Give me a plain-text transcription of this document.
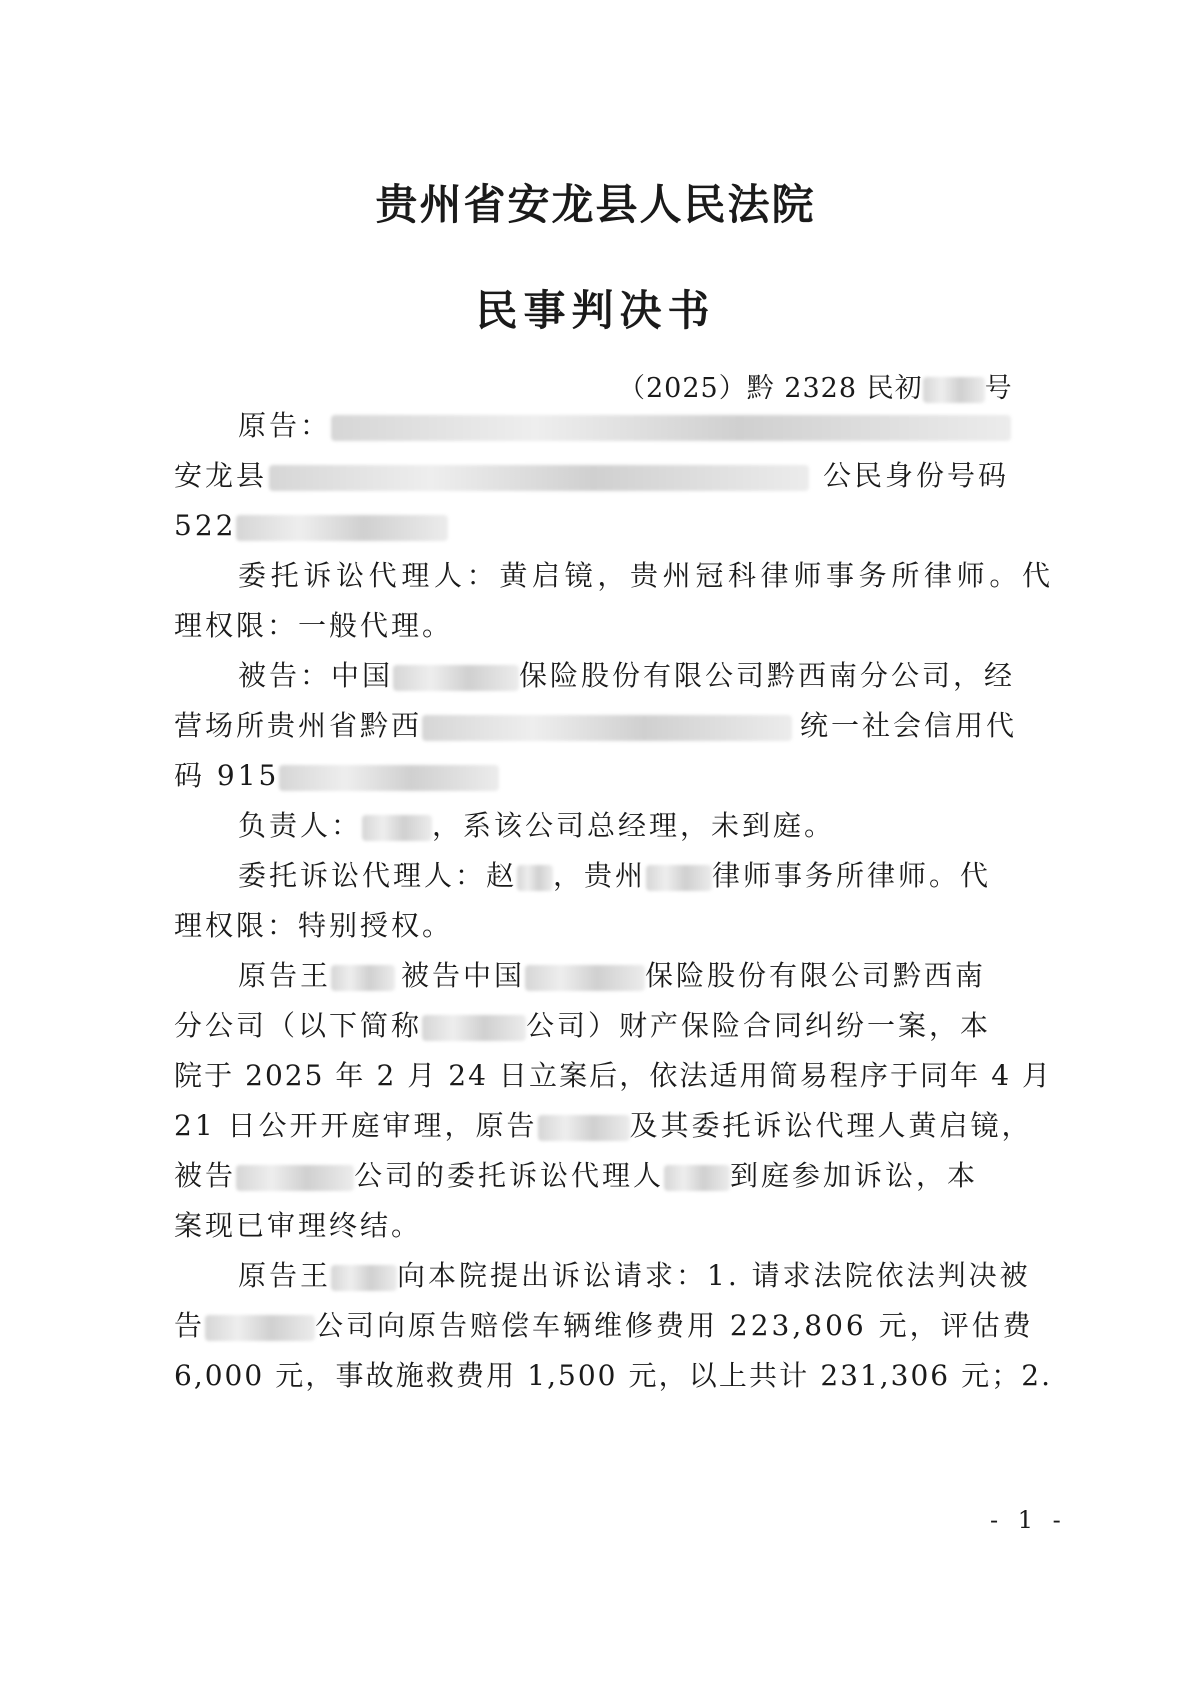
贵州省安龙县人民法院
民事判决书
（2025）黔 2328 民初 号
原告：
安龙县	公民身份号码
522
委托诉讼代理人：黄启镜，贵州冠科律师事务所律师。代
理权限：一般代理。
被告：中国	保险股份有限公司黔西南分公司，经
营场所贵州省黔西	统一社会信用代
码 915
负责人：	，系该公司总经理，未到庭。
委托诉讼代理人：赵 ，贵州 律师事务所律师。代
理权限：特别授权。
原告王	被告中国	保险股份有限公司黔西南
分公司（以下简称	公司）财产保险合同纠纷一案，本
院于 2025 年 2 月 24 日立案后，依法适用简易程序于同年 4 月
21 日公开开庭审理，原告	及其委托诉讼代理人黄启镜，
被告	公司的委托诉讼代理人 到庭参加诉讼，本
案现已审理终结。
原告王 向本院提出诉讼请求：1. 请求法院依法判决被
告	公司向原告赔偿车辆维修费用 223,806 元，评估费
6,000 元，事故施救费用 1,500 元，以上共计 231,306 元；2.
- 1 -
